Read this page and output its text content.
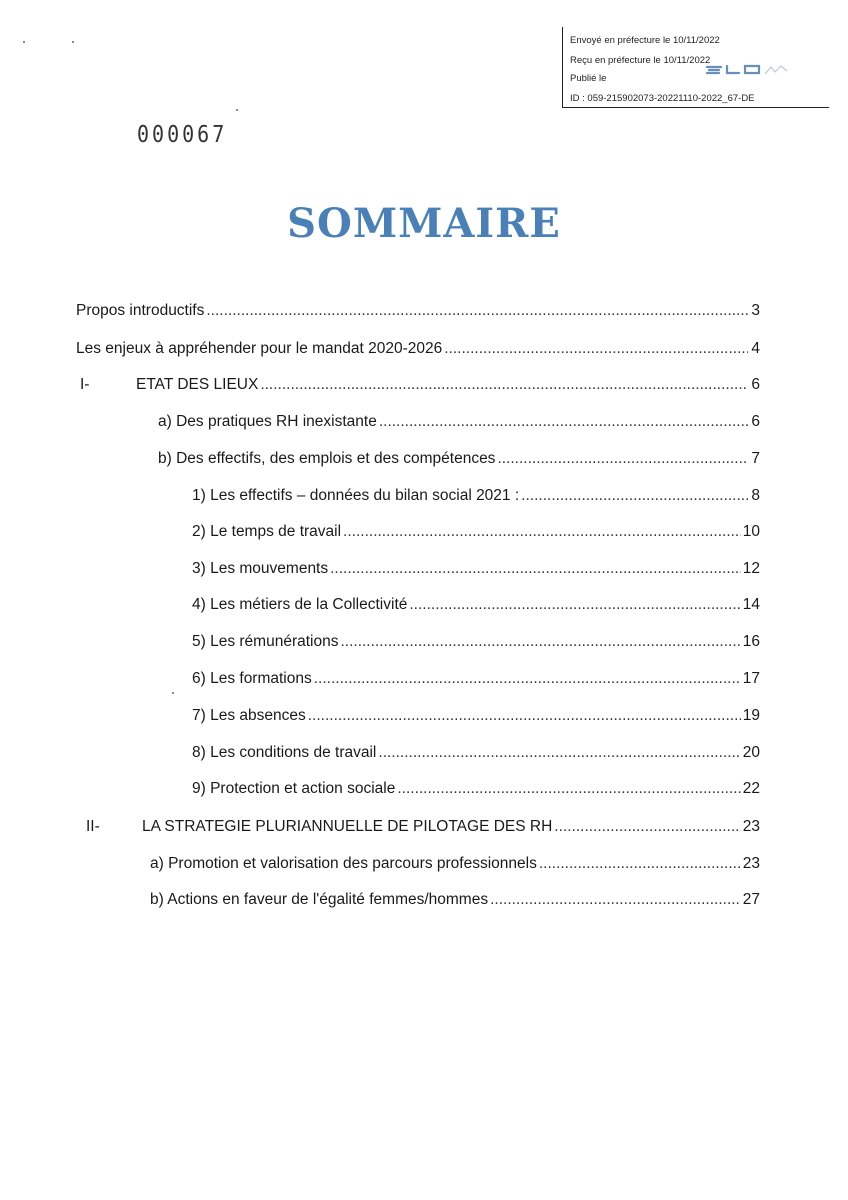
Envoyé en préfecture le 10/11/2022
Reçu en préfecture le 10/11/2022
Publié le
ID : 059-215902073-20221110-2022_67-DE
000067
SOMMAIRE
Propos introductifs .....	3
Les enjeux à appréhender pour le mandat 2020-2026 .....	4
I-	ETAT DES LIEUX .....	6
a) Des pratiques RH inexistante .....	6
b) Des effectifs, des emplois et des compétences .....	7
1) Les effectifs – données du bilan social 2021 : .....	8
2) Le temps de travail .....	10
3) Les mouvements .....	12
4) Les métiers de la Collectivité .....	14
5) Les rémunérations .....	16
6) Les formations .....	17
7) Les absences .....	19
8) Les conditions de travail .....	20
9) Protection et action sociale .....	22
II-	LA STRATEGIE PLURIANNUELLE DE PILOTAGE DES RH .....	23
a) Promotion et valorisation des parcours professionnels .....	23
b) Actions en faveur de l'égalité femmes/hommes .....	27
